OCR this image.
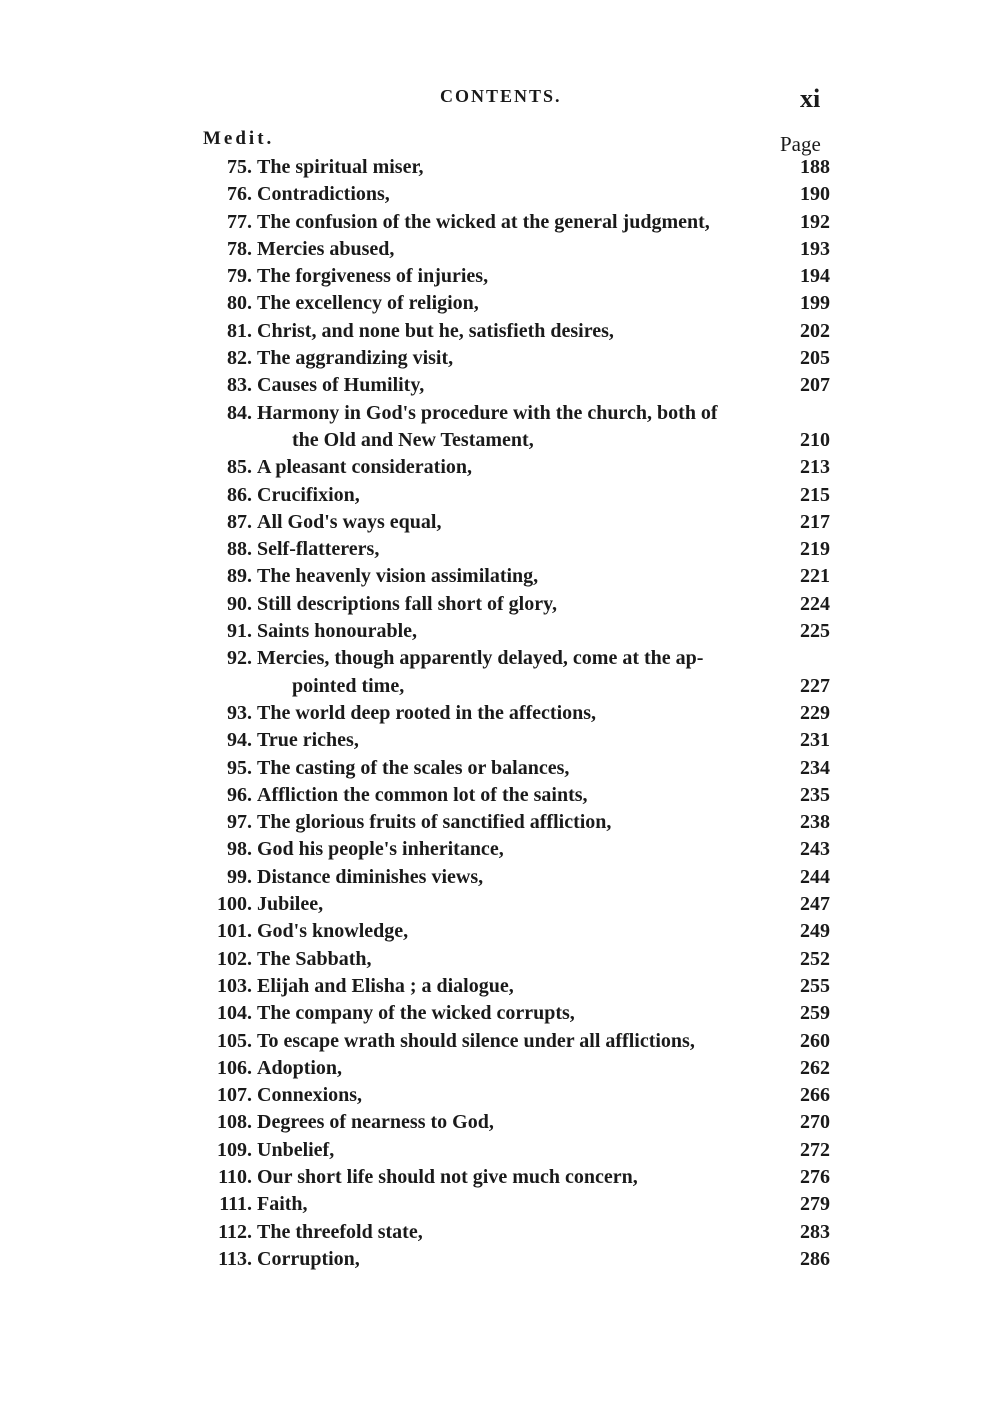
CONTENTS.	xi
Medit.	Page
75. The spiritual miser,	188
76. Contradictions,	190
77. The confusion of the wicked at the general judgment,	192
78. Mercies abused,	193
79. The forgiveness of injuries,	194
80. The excellency of religion,	199
81. Christ, and none but he, satisfieth desires,	202
82. The aggrandizing visit,	205
83. Causes of Humility,	207
84. Harmony in God's procedure with the church, both of
the Old and New Testament,	210
85. A pleasant consideration,	213
86. Crucifixion,	215
87. All God's ways equal,	217
88. Self-flatterers,	219
89. The heavenly vision assimilating,	221
90. Still descriptions fall short of glory,	224
91. Saints honourable,	225
92. Mercies, though apparently delayed, come at the ap-
pointed time,	227
93. The world deep rooted in the affections,	229
94. True riches,	231
95. The casting of the scales or balances,	234
96. Affliction the common lot of the saints,	235
97. The glorious fruits of sanctified affliction,	238
98. God his people's inheritance,	243
99. Distance diminishes views,	244
100. Jubilee,	247
101. God's knowledge,	249
102. The Sabbath,	252
103. Elijah and Elisha ; a dialogue,	255
104. The company of the wicked corrupts,	259
105. To escape wrath should silence under all afflictions,	260
106. Adoption,	262
107. Connexions,	266
108. Degrees of nearness to God,	270
109. Unbelief,	272
110. Our short life should not give much concern,	276
111. Faith,	279
112. The threefold state,	283
113. Corruption,	286
